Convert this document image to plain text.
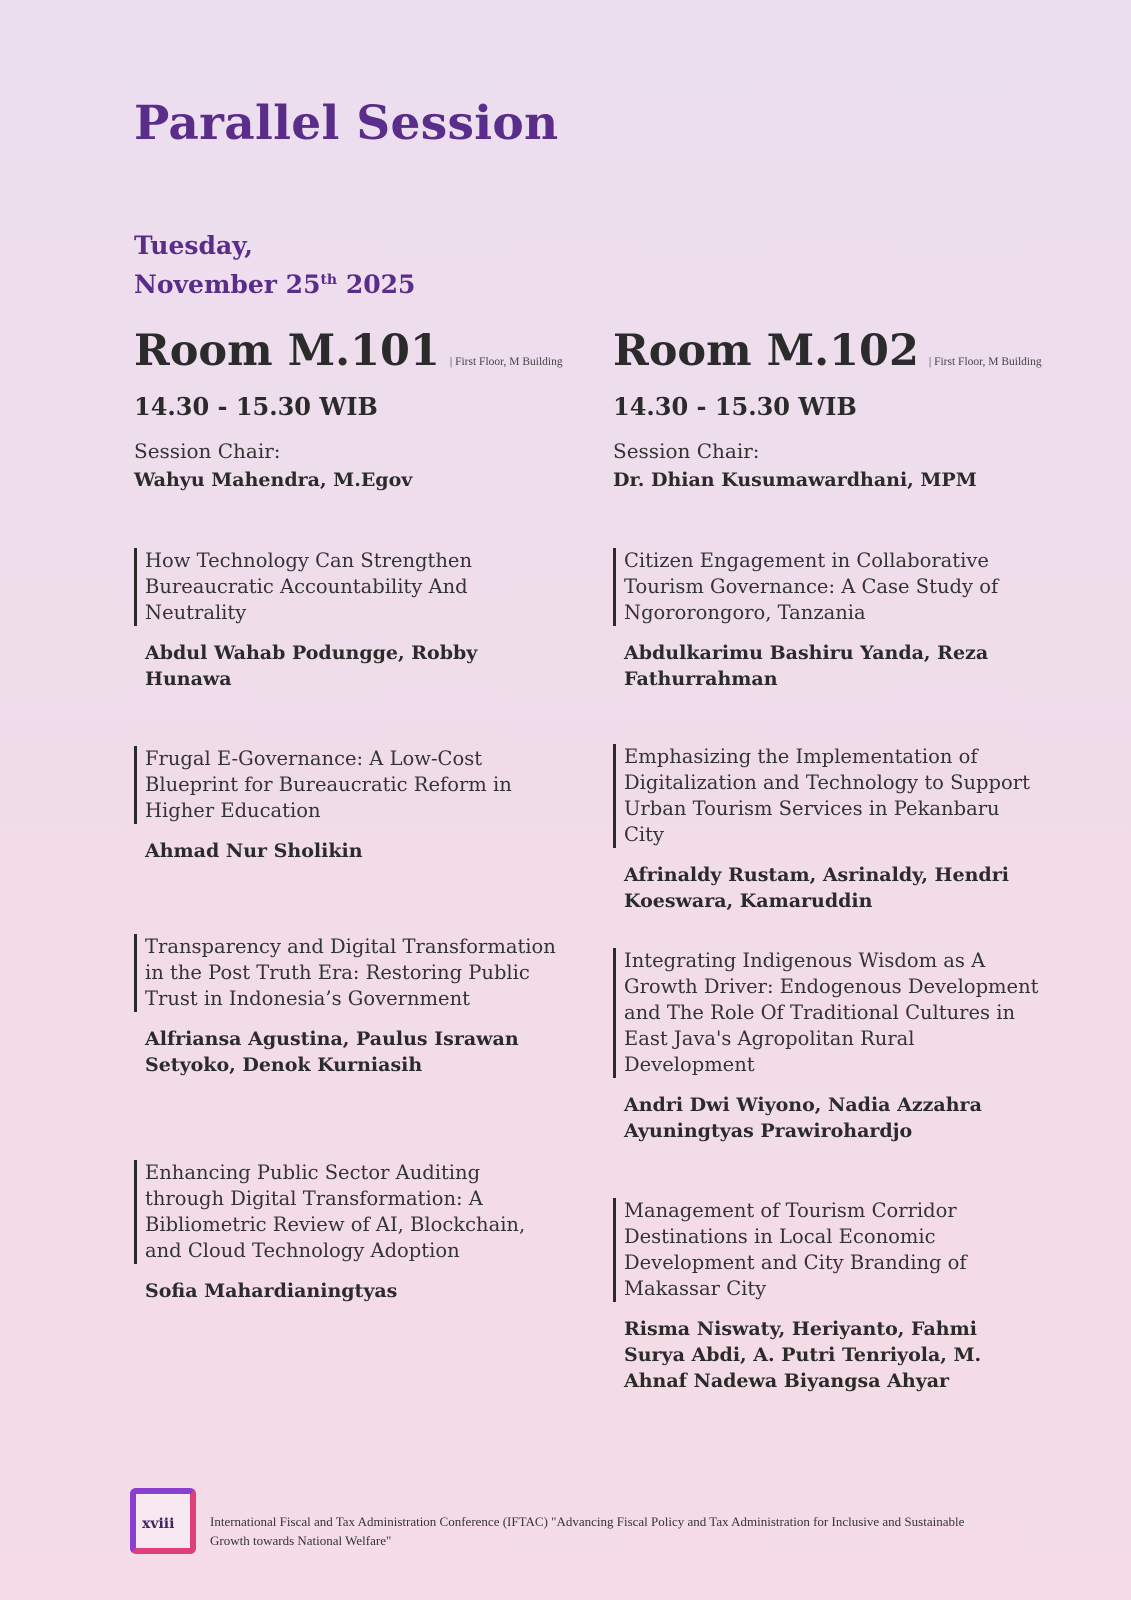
Parallel Session
Tuesday,
November 25th 2025
Room M.101 | First Floor, M Building
14.30 - 15.30 WIB
Session Chair:
Wahyu Mahendra, M.Egov
How Technology Can Strengthen Bureaucratic Accountability And Neutrality
Abdul Wahab Podungge, Robby Hunawa
Frugal E-Governance: A Low-Cost Blueprint for Bureaucratic Reform in Higher Education
Ahmad Nur Sholikin
Transparency and Digital Transformation in the Post Truth Era: Restoring Public Trust in Indonesia’s Government
Alfriansa Agustina, Paulus Israwan Setyoko, Denok Kurniasih
Enhancing Public Sector Auditing through Digital Transformation: A Bibliometric Review of AI, Blockchain, and Cloud Technology Adoption
Sofia Mahardianingtyas
Room M.102 | First Floor, M Building
14.30 - 15.30 WIB
Session Chair:
Dr. Dhian Kusumawardhani, MPM
Citizen Engagement in Collaborative Tourism Governance: A Case Study of Ngororongoro, Tanzania
Abdulkarimu Bashiru Yanda, Reza Fathurrahman
Emphasizing the Implementation of Digitalization and Technology to Support Urban Tourism Services in Pekanbaru City
Afrinaldy Rustam, Asrinaldy, Hendri Koeswara, Kamaruddin
Integrating Indigenous Wisdom as A Growth Driver: Endogenous Development and The Role Of Traditional Cultures in East Java's Agropolitan Rural Development
Andri Dwi Wiyono, Nadia Azzahra Ayuningtyas Prawirohardjo
Management of Tourism Corridor Destinations in Local Economic Development and City Branding of Makassar City
Risma Niswaty, Heriyanto, Fahmi Surya Abdi, A. Putri Tenriyola, M. Ahnaf Nadewa Biyangsa Ahyar
xviii	International Fiscal and Tax Administration Conference (IFTAC) "Advancing Fiscal Policy and Tax Administration for Inclusive and Sustainable Growth towards National Welfare"
